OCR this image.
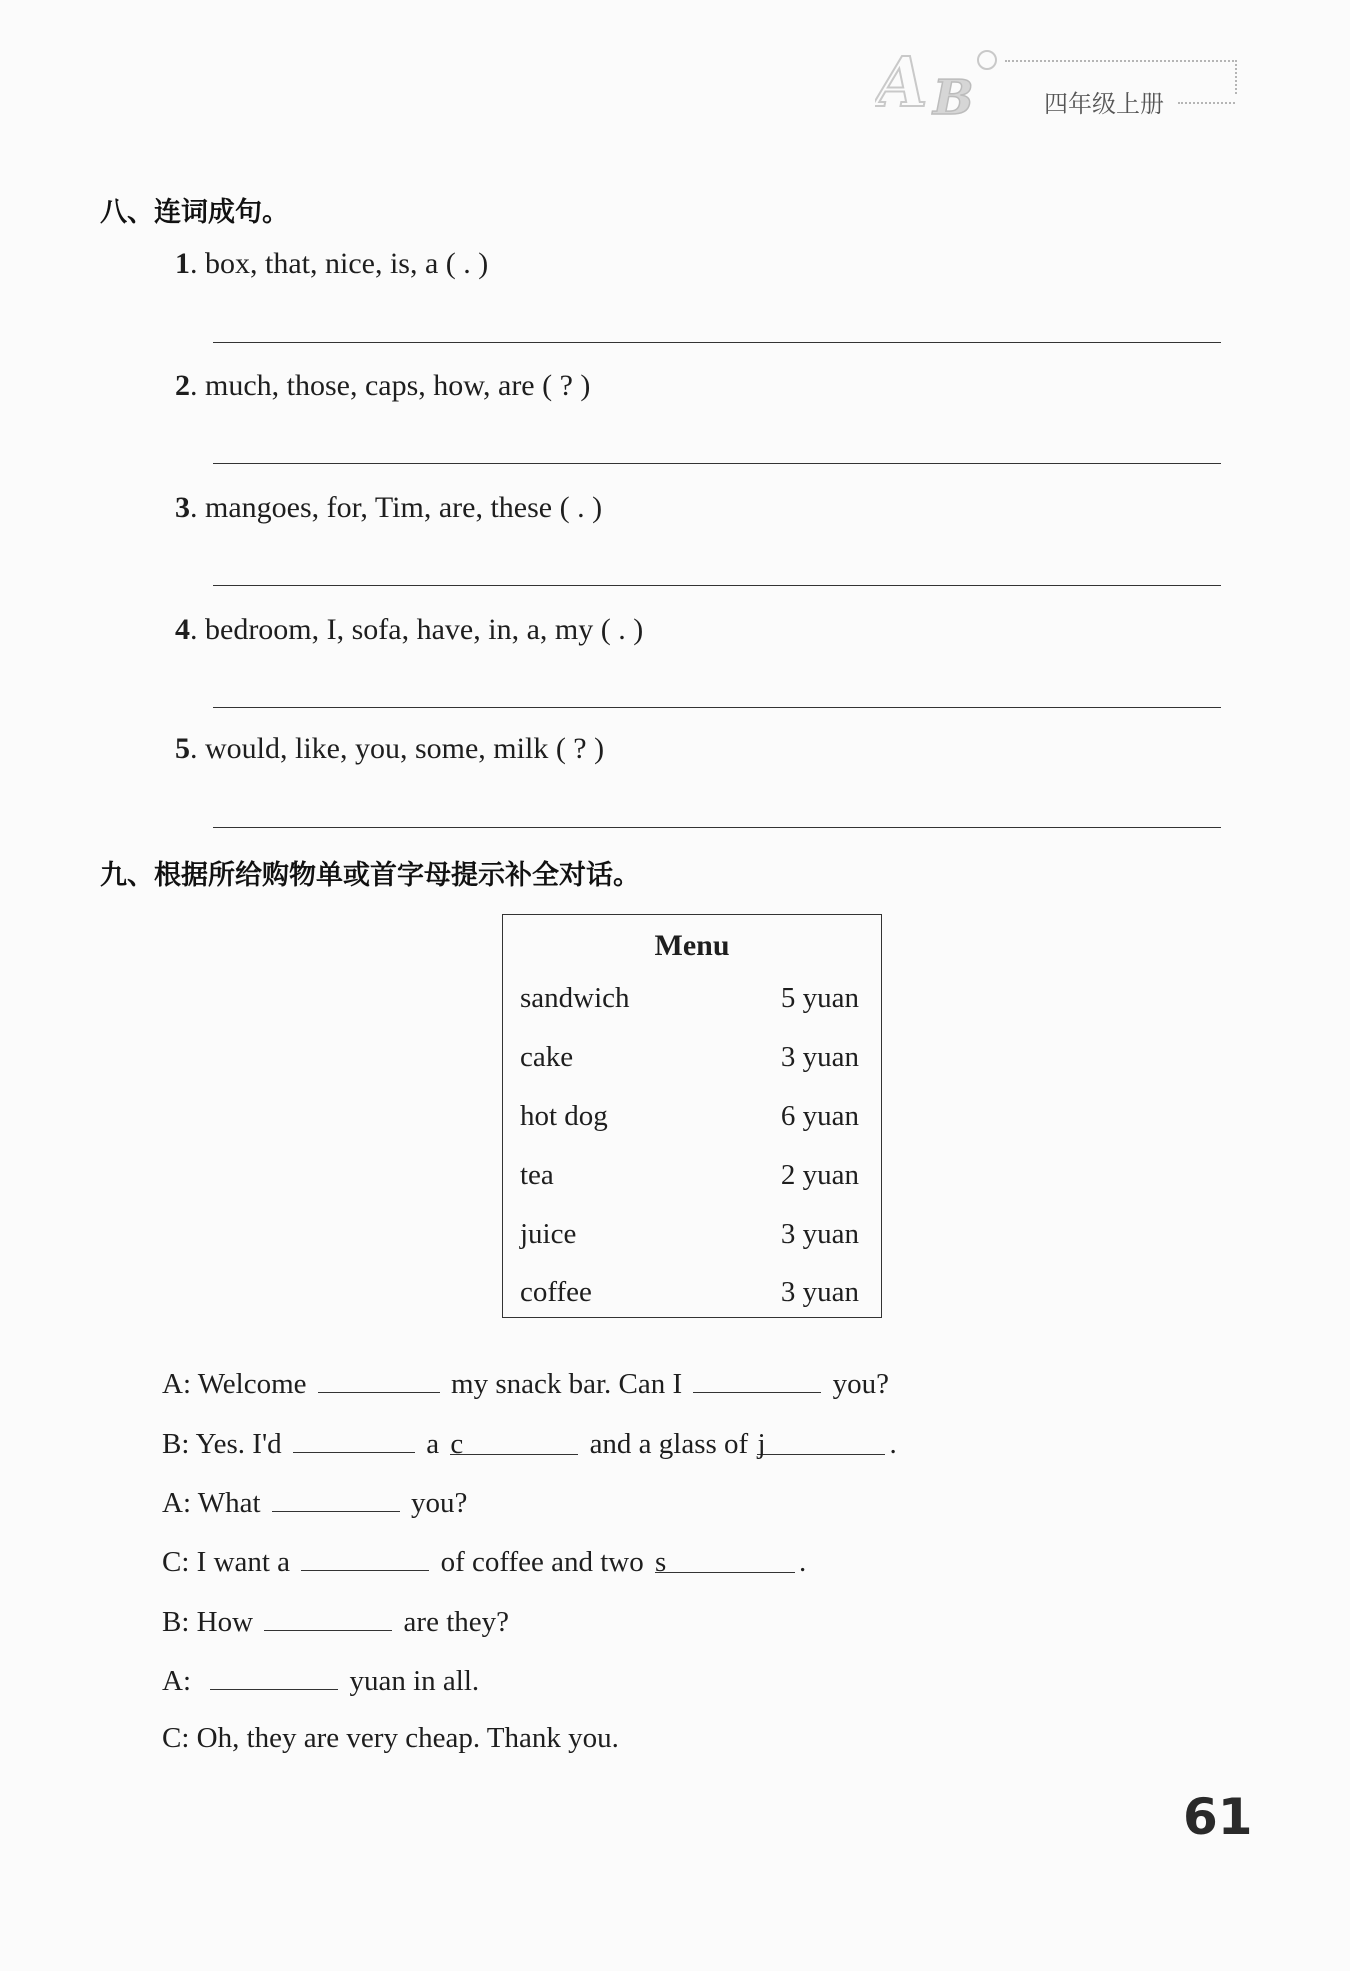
A B	四年级上册
八、连词成句。
1. box, that, nice, is, a ( . )
2. much, those, caps, how, are ( ? )
3. mangoes, for, Tim, are, these ( . )
4. bedroom, I, sofa, have, in, a, my ( . )
5. would, like, you, some, milk ( ? )
九、根据所给购物单或首字母提示补全对话。
Menu
sandwich	5 yuan
cake	3 yuan
hot dog	6 yuan
tea	2 yuan
juice	3 yuan
coffee	3 yuan
A: Welcome	my snack bar. Can I	you?
B: Yes. I'd	a c	and a glass of j	.
A: What	you?
C: I want a	of coffee and two s	.
B: How	are they?
A:	yuan in all.
C: Oh, they are very cheap. Thank you.
61
